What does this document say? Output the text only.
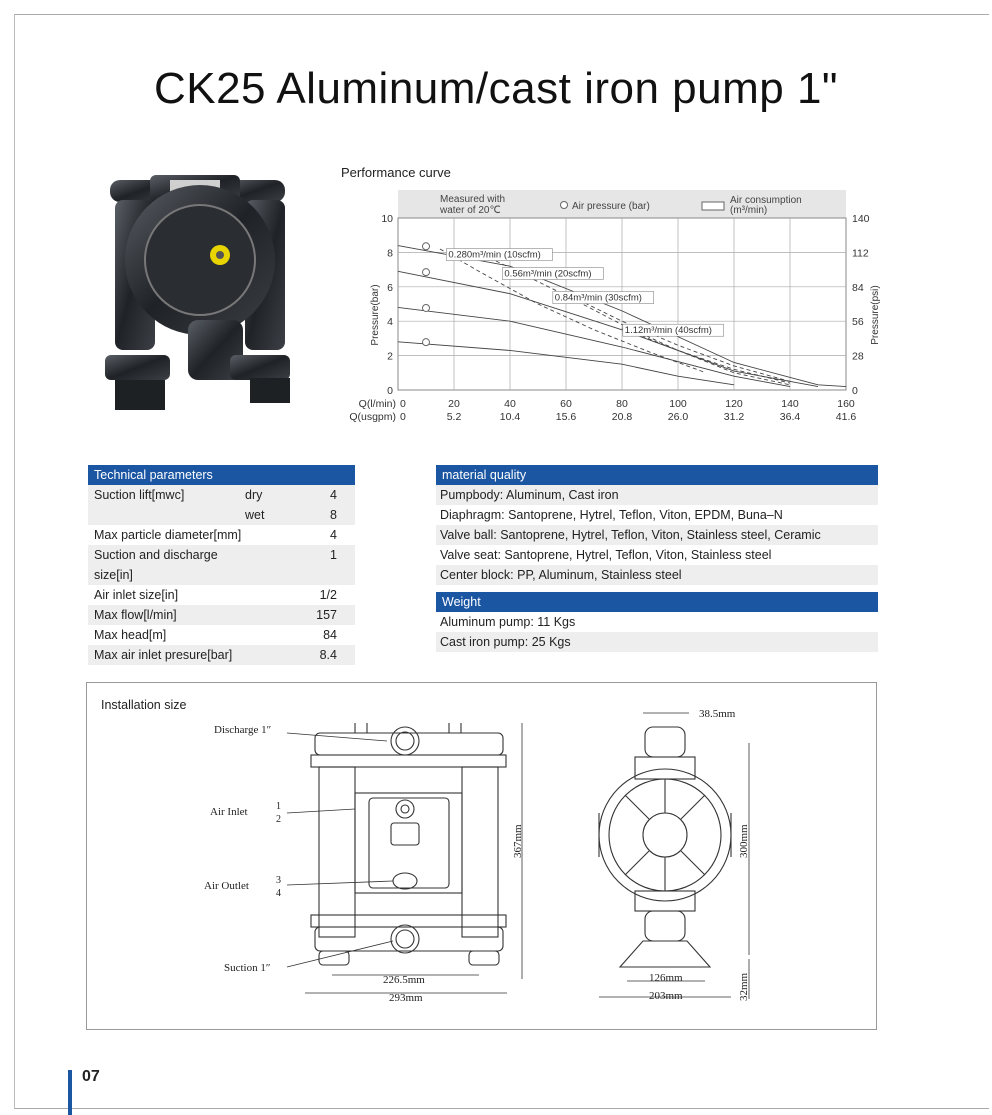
CK25 Aluminum/cast iron pump 1"
Performance curve
Measured with
water of 20℃	Air pressure (bar)
Air consumption
(m³/min)
0
2
4
6
8
10
0
28
56
84
112
140
Q(l/min)
Q(usgpm)
0	20	40	60	80	100	120	140	160
0	5.2	10.4	15.6	20.8	26.0	31.2	36.4	41.6
0.280m³/min (10scfm)
0.56m³/min (20scfm)
0.84m³/min (30scfm)
1.12m³/min (40scfm)
Pressure(bar)	Pressure(psi)
Technical parameters
Suction lift[mwc]	dry	4
wet	8
Max particle diameter[mm]	4
Suction and discharge	1
size[in]
Air inlet size[in]	1/2
Max flow[l/min]	157
Max head[m]	84
Max air inlet presure[bar]	8.4
material quality
Pumpbody: Aluminum, Cast iron
Diaphragm: Santoprene, Hytrel, Teflon, Viton, EPDM, Buna–N
Valve ball: Santoprene, Hytrel, Teflon, Viton, Stainless steel, Ceramic
Valve seat: Santoprene, Hytrel, Teflon, Viton, Stainless steel
Center block: PP, Aluminum, Stainless steel
Weight
Aluminum pump: 11 Kgs
Cast iron pump: 25 Kgs
Installation size
Discharge 1″
Air Inlet	1
2
Air Outlet	3
4
Suction 1″
226.5mm
293mm
367mm
38.5mm
300mm
126mm
203mm	32mm
07
